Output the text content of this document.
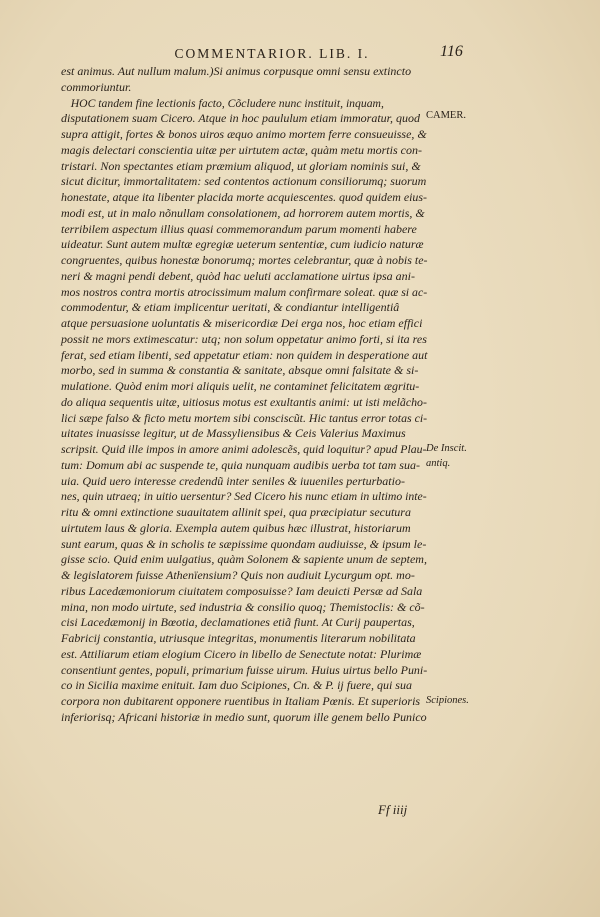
COMMENTARIOR. LIB. I.	116
est animus. Aut nullum malum.)Si animus corpusque omni sensu extincto
commoriuntur.
HOC tandem fine lectionis facto, Cõcludere nunc instituit, inquam,
disputationem suam Cicero. Atque in hoc paululum etiam immoratur, quod
supra attigit, fortes & bonos uiros æquo animo mortem ferre consueuisse, &
magis delectari conscientia uitæ per uirtutem actæ, quàm metu mortis con-
tristari. Non spectantes etiam præmium aliquod, ut gloriam nominis sui, &
sicut dicitur, immortalitatem: sed contentos actionum consiliorumq; suorum
honestate, atque ita libenter placida morte acquiescentes. quod quidem eius-
modi est, ut in malo nõnullam consolationem, ad horrorem autem mortis, &
terribilem aspectum illius quasi commemorandum parum momenti habere
uideatur. Sunt autem multæ egregiæ ueterum sententiæ, cum iudicio naturæ
congruentes, quibus honestæ bonorumq; mortes celebrantur, quæ à nobis te-
neri & magni pendi debent, quòd hac ueluti acclamatione uirtus ipsa ani-
mos nostros contra mortis atrocissimum malum confirmare soleat. quæ si ac-
commodentur, & etiam implicentur ueritati, & condiantur intelligentiâ
atque persuasione uoluntatis & misericordiæ Dei erga nos, hoc etiam effici
possit ne mors extimescatur: utq; non solum oppetatur animo forti, si ita res
ferat, sed etiam libenti, sed appetatur etiam: non quidem in desperatione aut
morbo, sed in summa & constantia & sanitate, absque omni falsitate & si-
mulatione. Quòd enim mori aliquis uelit, ne contaminet felicitatem ægritu-
do aliqua sequentis uitæ, uitiosus motus est exultantis animi: ut isti melãcho-
lici sæpe falso & ficto metu mortem sibi consciscũt. Hic tantus error totas ci-
uitates inuasisse legitur, ut de Massyliensibus & Ceis Valerius Maximus
scripsit. Quid ille impos in amore animi adolescẽs, quid loquitur? apud Plau-
tum: Domum abi ac suspende te, quia nunquam audibis uerba tot tam sua-
uia. Quid uero interesse credendũ inter seniles & iuueniles perturbatio-
nes, quin utraeq; in uitio uersentur? Sed Cicero his nunc etiam in ultimo inte-
ritu & omni extinctione suauitatem allinit spei, qua præcipiatur secutura
uirtutem laus & gloria. Exempla autem quibus hæc illustrat, historiarum
sunt earum, quas & in scholis te sæpissime quondam audiuisse, & ipsum le-
gisse scio. Quid enim uulgatius, quàm Solonem & sapiente unum de septem,
& legislatorem fuisse Athenïensium? Quis non audiuit Lycurgum opt. mo-
ribus Lacedæmoniorum ciuitatem composuisse? Iam deuicti Persæ ad Sala
mina, non modo uirtute, sed industria & consilio quoq; Themistoclis: & cõ-
cisi Lacedæmonij in Bœotia, declamationes etiã fiunt. At Curij paupertas,
Fabricij constantia, utriusque integritas, monumentis literarum nobilitata
est. Attiliarum etiam elogium Cicero in libello de Senectute notat: Plurimæ
consentiunt gentes, populi, primarium fuisse uirum. Huius uirtus bello Puni-
co in Sicilia maxime enituit. Iam duo Scipiones, Cn. & P. ij fuere, qui sua
corpora non dubitarent opponere ruentibus in Italiam Pœnis. Et superioris
inferiorisq; Africani historiæ in medio sunt, quorum ille genem bello Punico
CAMER.
De Inscit.
antiq.
Scipiones.
Ff iiij
